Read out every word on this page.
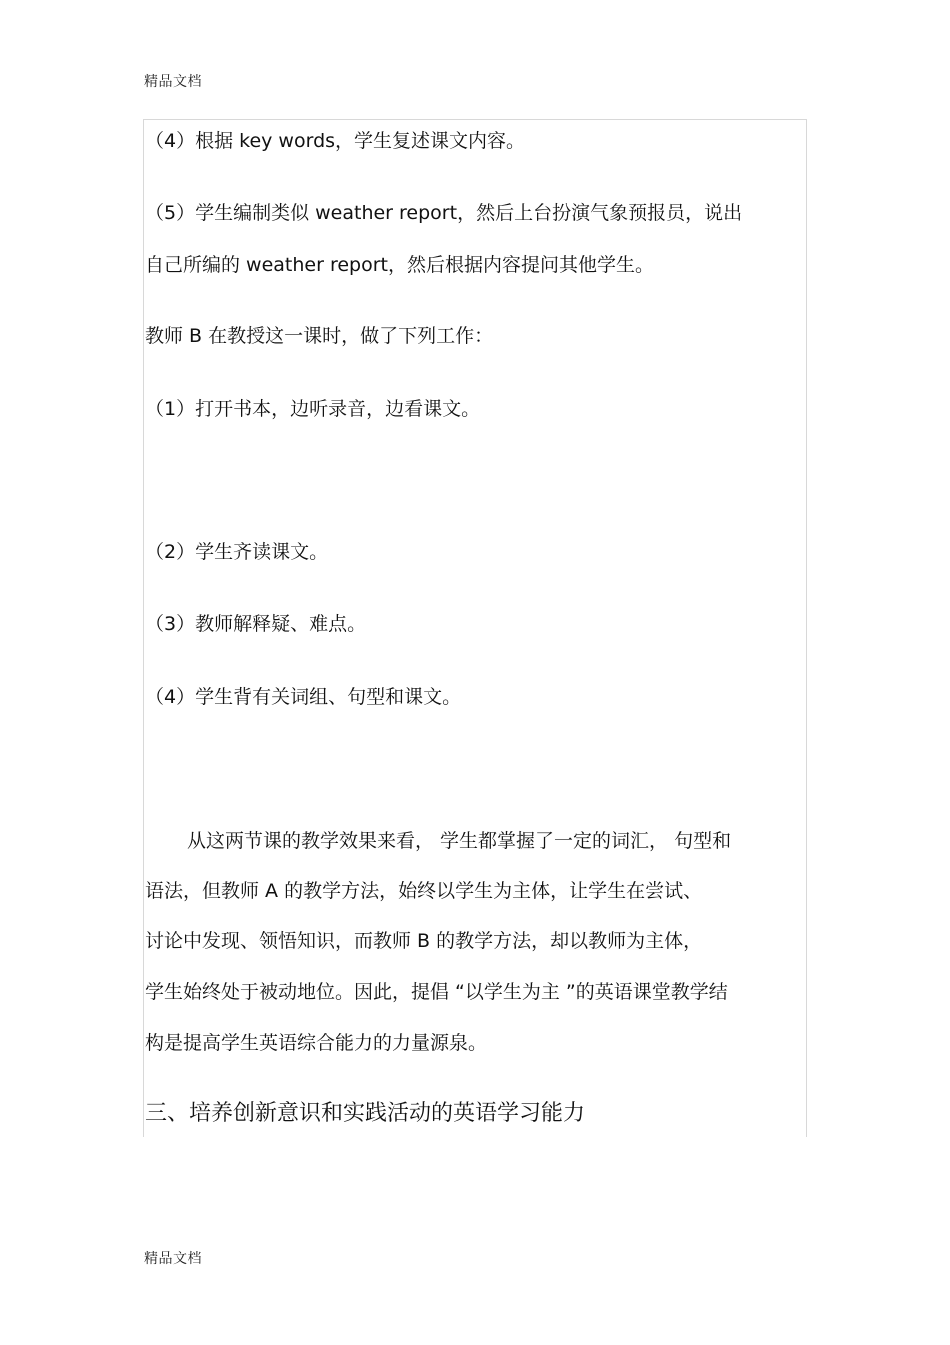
精品文档
（4）根据 key words，学生复述课文内容。
（5）学生编制类似 weather report，然后上台扮演气象预报员，说出
自己所编的 weather report，然后根据内容提问其他学生。
教师 B 在教授这一课时，做了下列工作：
（1）打开书本，边听录音，边看课文。
（2）学生齐读课文。
（3）教师解释疑、难点。
（4）学生背有关词组、句型和课文。
从这两节课的教学效果来看， 学生都掌握了一定的词汇， 句型和
语法，但教师 A 的教学方法，始终以学生为主体，让学生在尝试、
讨论中发现、领悟知识，而教师 B 的教学方法，却以教师为主体，
学生始终处于被动地位。因此，提倡 “以学生为主 ”的英语课堂教学结
构是提高学生英语综合能力的力量源泉。
三、培养创新意识和实践活动的英语学习能力
精品文档
